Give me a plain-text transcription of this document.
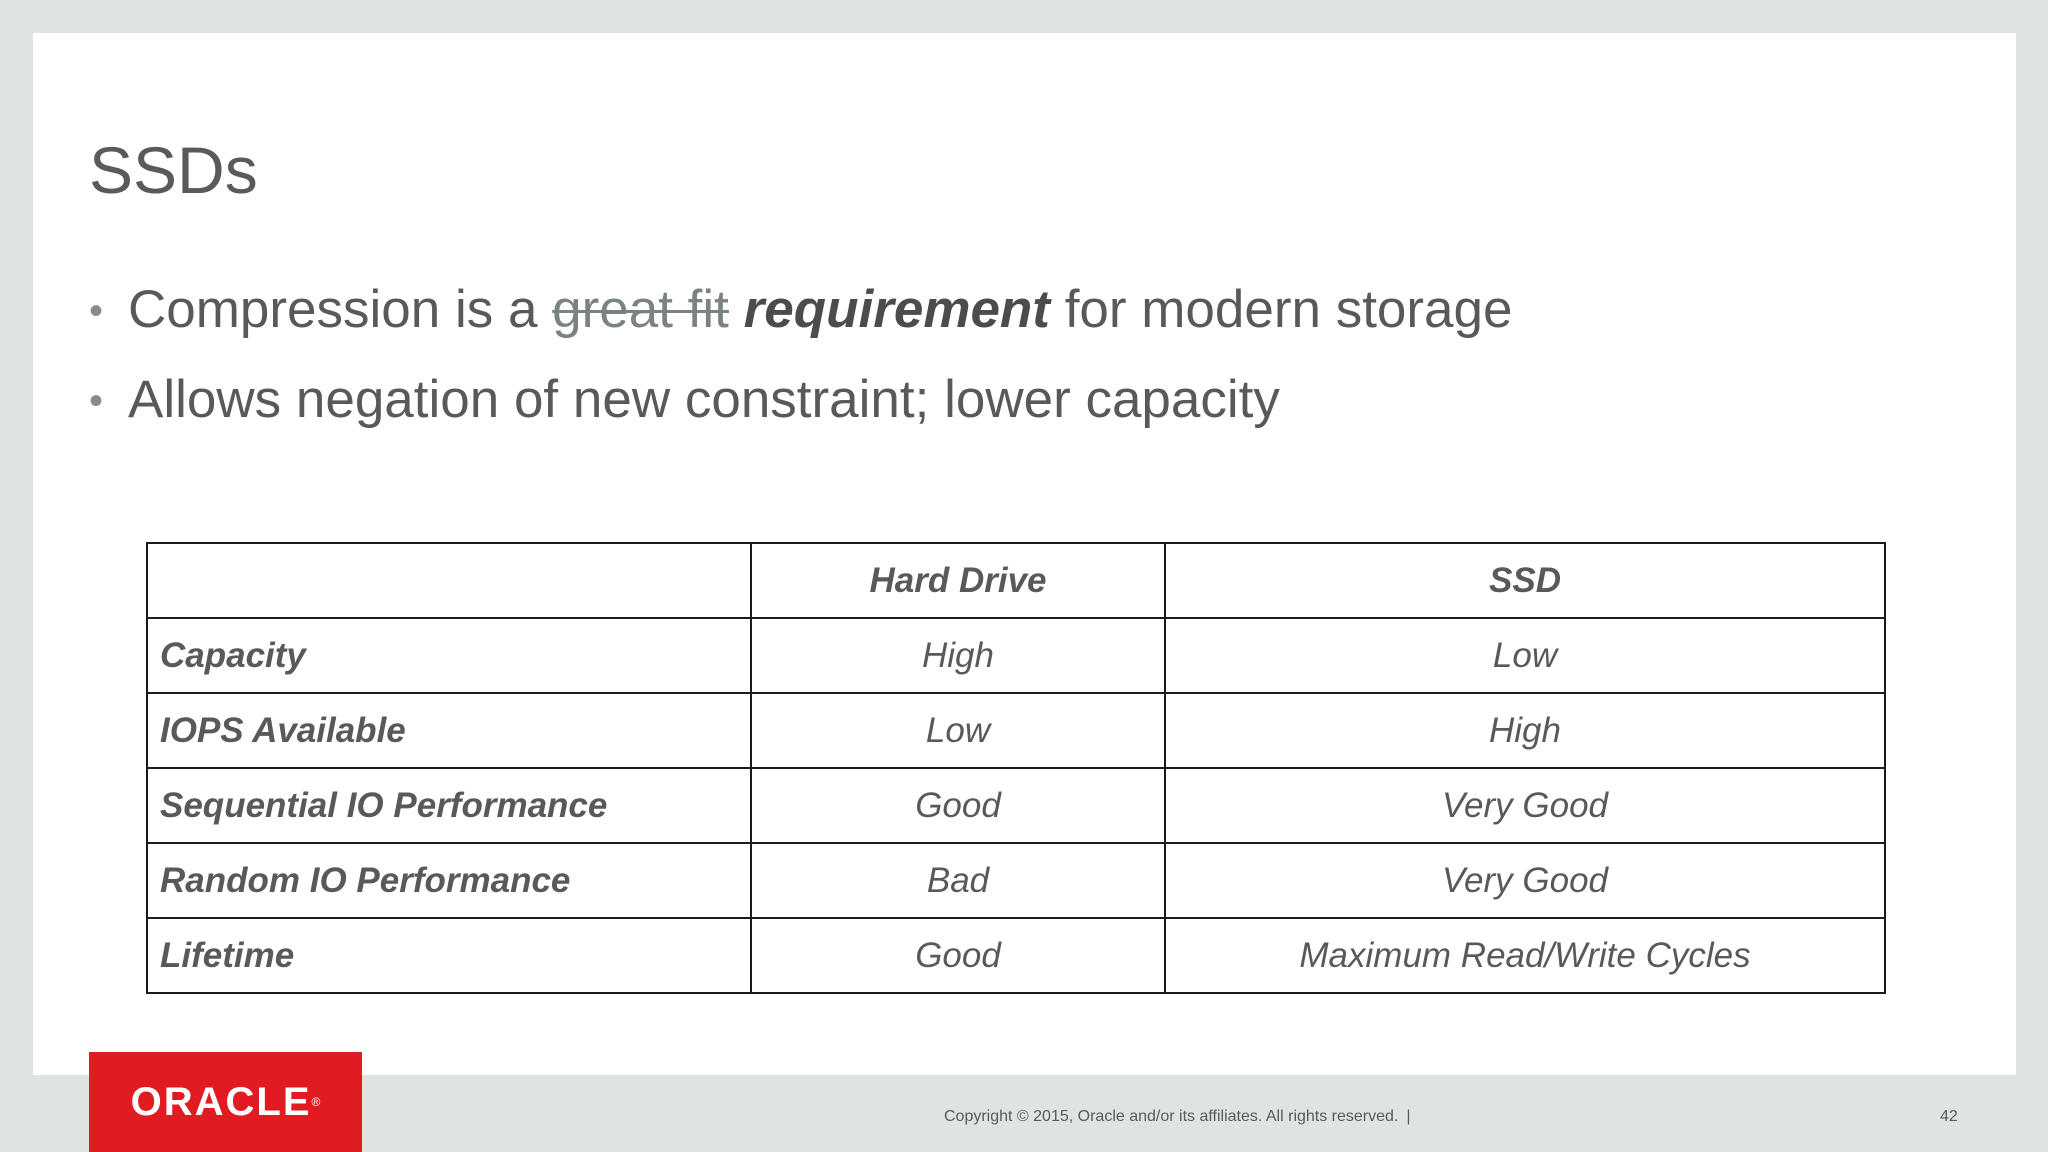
SSDs
• Compression is a great fit requirement for modern storage
• Allows negation of new constraint; lower capacity
	Hard Drive	SSD
Capacity	High	Low
IOPS Available	Low	High
Sequential IO Performance	Good	Very Good
Random IO Performance	Bad	Very Good
Lifetime	Good	Maximum Read/Write Cycles
ORACLE ®
Copyright © 2015, Oracle and/or its affiliates. All rights reserved. |	42
